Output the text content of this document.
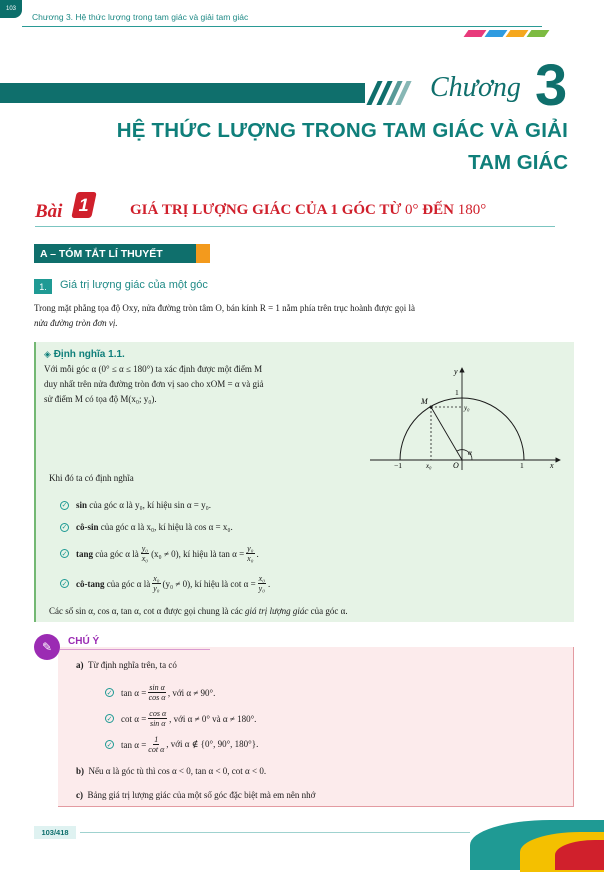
103
Chương 3. Hệ thức lượng trong tam giác và giải tam giác
Chương 3
HỆ THỨC LƯỢNG TRONG TAM GIÁC VÀ GIẢI
TAM GIÁC
Bài 1	GIÁ TRỊ LƯỢNG GIÁC CỦA 1 GÓC TỪ 0° ĐẾN 180°
A – TÓM TẮT LÍ THUYẾT
1.	Giá trị lượng giác của một góc
Trong mặt phẳng tọa độ Oxy, nửa đường tròn tâm O, bán kính R = 1 nằm phía trên trục hoành được gọi là
nửa đường tròn đơn vị.
◈ Định nghĩa 1.1.
Với mỗi góc α (0° ≤ α ≤ 180°) ta xác định được một điểm M
duy nhất trên nửa đường tròn đơn vị sao cho xOM = α và giả
sử điểm M có tọa độ M(x₀; y₀).
y
x
M
O
1
y₀
−1	x₀	1
α
Khi đó ta có định nghĩa
✓ sin
của góc α là y₀, kí hiệu sin α = y₀.
✓ cô-sin
của góc α là x₀, kí hiệu là cos α = x₀.
✓ tang
của góc α là $\frac{\text{y₀}}{\text{x₀}} (x_0 \ne 0)$, kí hiệu là $\tan \alpha = \frac{\text{y₀}}{\text{x₀}}$ .
✓ cô-tang
của góc α là $\frac{\text{x₀}}{\text{y₀}} (y_0 \ne 0)$, kí hiệu là $\cot \alpha = \frac{\text{x₀}}{\text{y₀}}$ .
Các số sin α, cos α, tan α, cot α được gọi chung là các giá trị lượng giác của góc α.
✎	CHÚ Ý
a) Từ định nghĩa trên, ta có
✓ $\tan \alpha = \frac{\text{sin α}}{\text{cos α}}$ , với α ≠ 90°.
✓ $\cot \alpha = \frac{\text{cos α}}{\text{sin α}}$ , với α ≠ 0° và α ≠ 180°.
✓ $\tan \alpha = \frac{1}{\text{cot α}}$ , với α ∉ {0°, 90°, 180°}.
b) Nếu α là góc tù thì cos α < 0, tan α < 0, cot α < 0.
c) Bảng giá trị lượng giác của một số góc đặc biệt mà em nên nhớ
103/418
